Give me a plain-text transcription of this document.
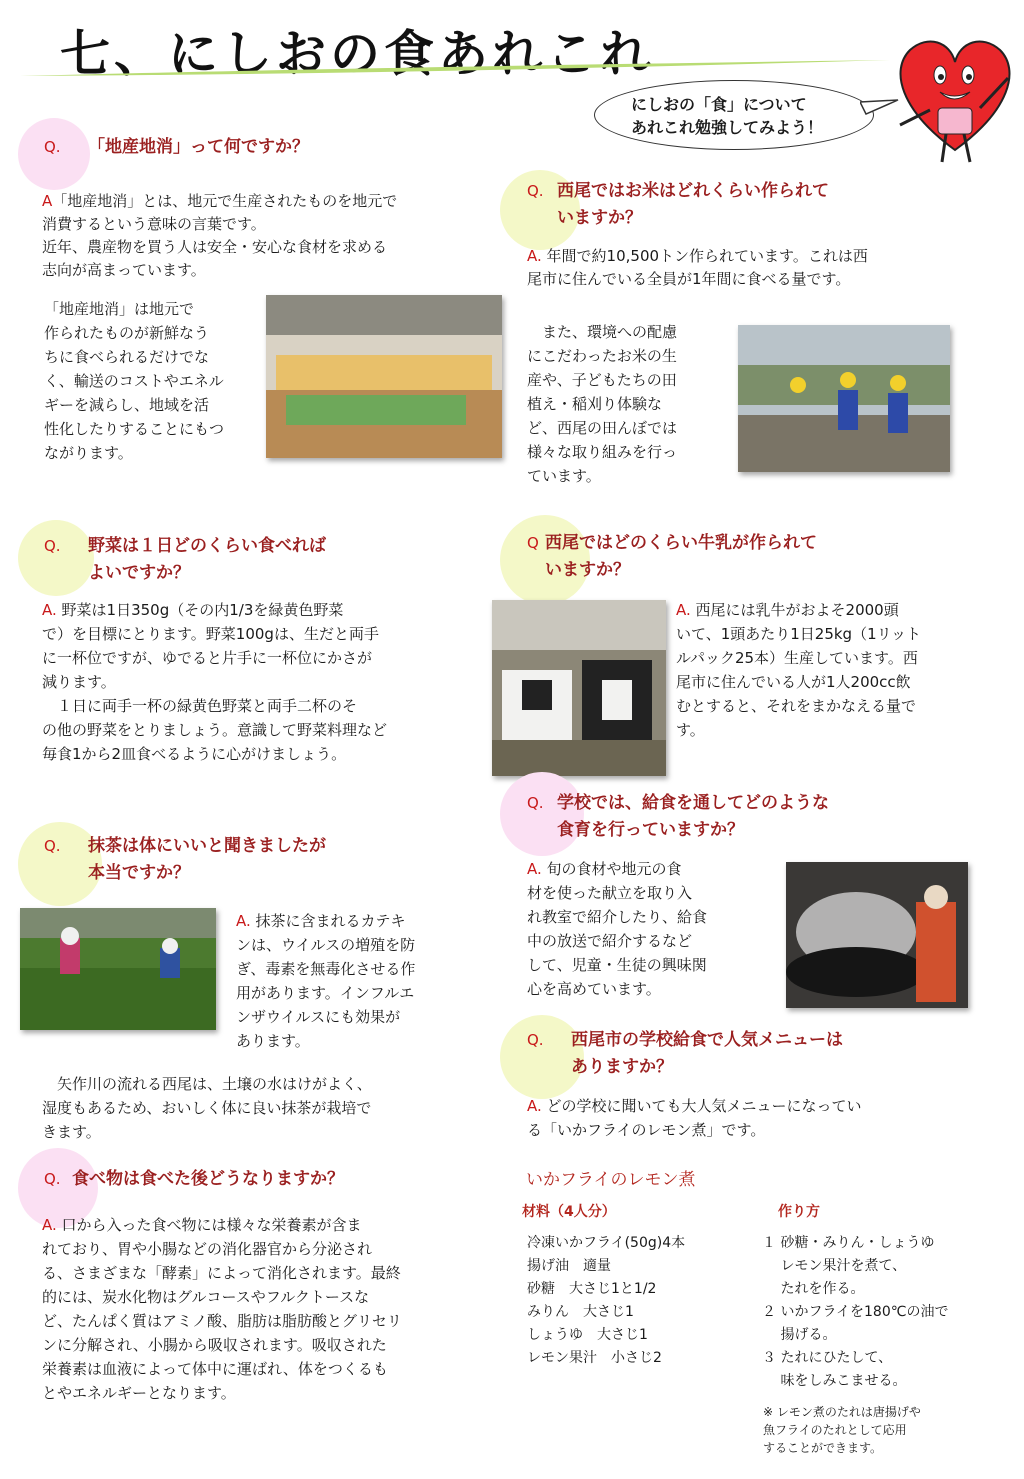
七、にしおの食あれこれ
にしおの「食」について
あれこれ勉強してみよう！
Q. 「地産地消」って何ですか？
A「地産地消」とは、地元で生産されたものを地元で
消費するという意味の言葉です。
近年、農産物を買う人は安全・安心な食材を求める
志向が高まっています。
「地産地消」は地元で
作られたものが新鮮なう
ちに食べられるだけでな
く、輸送のコストやエネル
ギーを減らし、地域を活
性化したりすることにもつ
ながります。
Q. 西尾ではお米はどれくらい作られて
いますか？
A. 年間で約10,500トン作られています。これは西
尾市に住んでいる全員が1年間に食べる量です。
　また、環境への配慮
にこだわったお米の生
産や、子どもたちの田
植え・稲刈り体験な
ど、西尾の田んぼでは
様々な取り組みを行っ
ています。
Q. 野菜は１日どのくらい食べれば
よいですか？
A. 野菜は1日350g（その内1/3を緑黄色野菜
で）を目標にとります。野菜100gは、生だと両手
に一杯位ですが、ゆでると片手に一杯位にかさが
減ります。
　１日に両手一杯の緑黄色野菜と両手二杯のそ
の他の野菜をとりましょう。意識して野菜料理など
毎食1から2皿食べるように心がけましょう。
Q 西尾ではどのくらい牛乳が作られて
いますか？
A. 西尾には乳牛がおよそ2000頭
いて、1頭あたり1日25kg（1リット
ルパック25本）生産しています。西
尾市に住んでいる人が1人200cc飲
むとすると、それをまかなえる量で
す。
Q. 学校では、給食を通してどのような
食育を行っていますか？
A. 旬の食材や地元の食
材を使った献立を取り入
れ教室で紹介したり、給食
中の放送で紹介するなど
して、児童・生徒の興味関
心を高めています。
Q. 抹茶は体にいいと聞きましたが
本当ですか？
A. 抹茶に含まれるカテキ
ンは、ウイルスの増殖を防
ぎ、毒素を無毒化させる作
用があります。インフルエ
ンザウイルスにも効果が
あります。
　矢作川の流れる西尾は、土壌の水はけがよく、
湿度もあるため、おいしく体に良い抹茶が栽培で
きます。
Q. 西尾市の学校給食で人気メニューは
ありますか？
A. どの学校に聞いても大人気メニューになってい
る「いかフライのレモン煮」です。
Q. 食べ物は食べた後どうなりますか？
A. 口から入った食べ物には様々な栄養素が含ま
れており、胃や小腸などの消化器官から分泌され
る、さまざまな「酵素」によって消化されます。最終
的には、炭水化物はグルコースやフルクトースな
ど、たんぱく質はアミノ酸、脂肪は脂肪酸とグリセリ
ンに分解され、小腸から吸収されます。吸収された
栄養素は血液によって体中に運ばれ、体をつくるも
とやエネルギーとなります。
いかフライのレモン煮
材料（4人分）	作り方
冷凍いかフライ(50g)4本
揚げ油　適量
砂糖　大さじ1と1/2
みりん　大さじ1
しょうゆ　大さじ1
レモン果汁　小さじ2
１ 砂糖・みりん・しょうゆ
　 レモン果汁を煮て、
　 たれを作る。
２ いかフライを180℃の油で
　 揚げる。
３ たれにひたして、
　 味をしみこませる。
※ レモン煮のたれは唐揚げや
魚フライのたれとして応用
することができます。
